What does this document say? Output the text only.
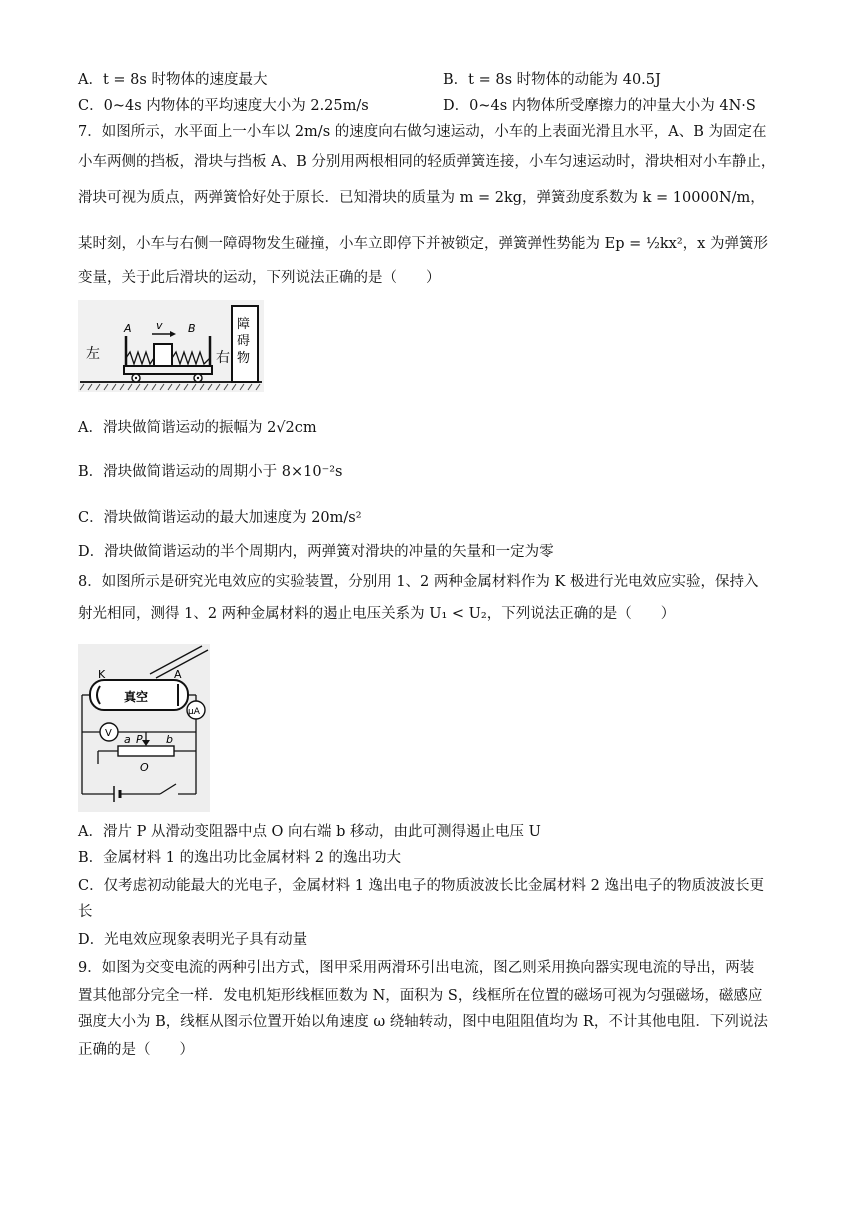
A．t = 8s 时物体的速度最大	B．t = 8s 时物体的动能为 40.5J
C．0~4s 内物体的平均速度大小为 2.25m/s	D．0~4s 内物体所受摩擦力的冲量大小为 4N·S
7．如图所示，水平面上一小车以 2m/s 的速度向右做匀速运动，小车的上表面光滑且水平，A、B 为固定在
小车两侧的挡板，滑块与挡板 A、B 分别用两根相同的轻质弹簧连接，小车匀速运动时，滑块相对小车静止，
滑块可视为质点，两弹簧恰好处于原长．已知滑块的质量为 m = 2kg，弹簧劲度系数为 k = 10000N/m，
某时刻，小车与右侧一障碍物发生碰撞，小车立即停下并被锁定，弹簧弹性势能为 Ep = ½kx²，x 为弹簧形
变量，关于此后滑块的运动，下列说法正确的是（　　）
v
A	B
左	右
障
碍
物
A．滑块做简谐运动的振幅为 2√2cm
B．滑块做简谐运动的周期小于 8×10⁻²s
C．滑块做简谐运动的最大加速度为 20m/s²
D．滑块做简谐运动的半个周期内，两弹簧对滑块的冲量的矢量和一定为零
8．如图所示是研究光电效应的实验装置，分别用 1、2 两种金属材料作为 K 极进行光电效应实验，保持入
射光相同，测得 1、2 两种金属材料的遏止电压关系为 U₁ < U₂，下列说法正确的是（　　）
真空
K	A
μA
V a P b
O
A．滑片 P 从滑动变阻器中点 O 向右端 b 移动，由此可测得遏止电压 U
B．金属材料 1 的逸出功比金属材料 2 的逸出功大
C．仅考虑初动能最大的光电子，金属材料 1 逸出电子的物质波波长比金属材料 2 逸出电子的物质波波长更
长
D．光电效应现象表明光子具有动量
9．如图为交变电流的两种引出方式，图甲采用两滑环引出电流，图乙则采用换向器实现电流的导出，两装
置其他部分完全一样．发电机矩形线框匝数为 N，面积为 S，线框所在位置的磁场可视为匀强磁场，磁感应
强度大小为 B，线框从图示位置开始以角速度 ω 绕轴转动，图中电阻阻值均为 R，不计其他电阻．下列说法
正确的是（　　）
